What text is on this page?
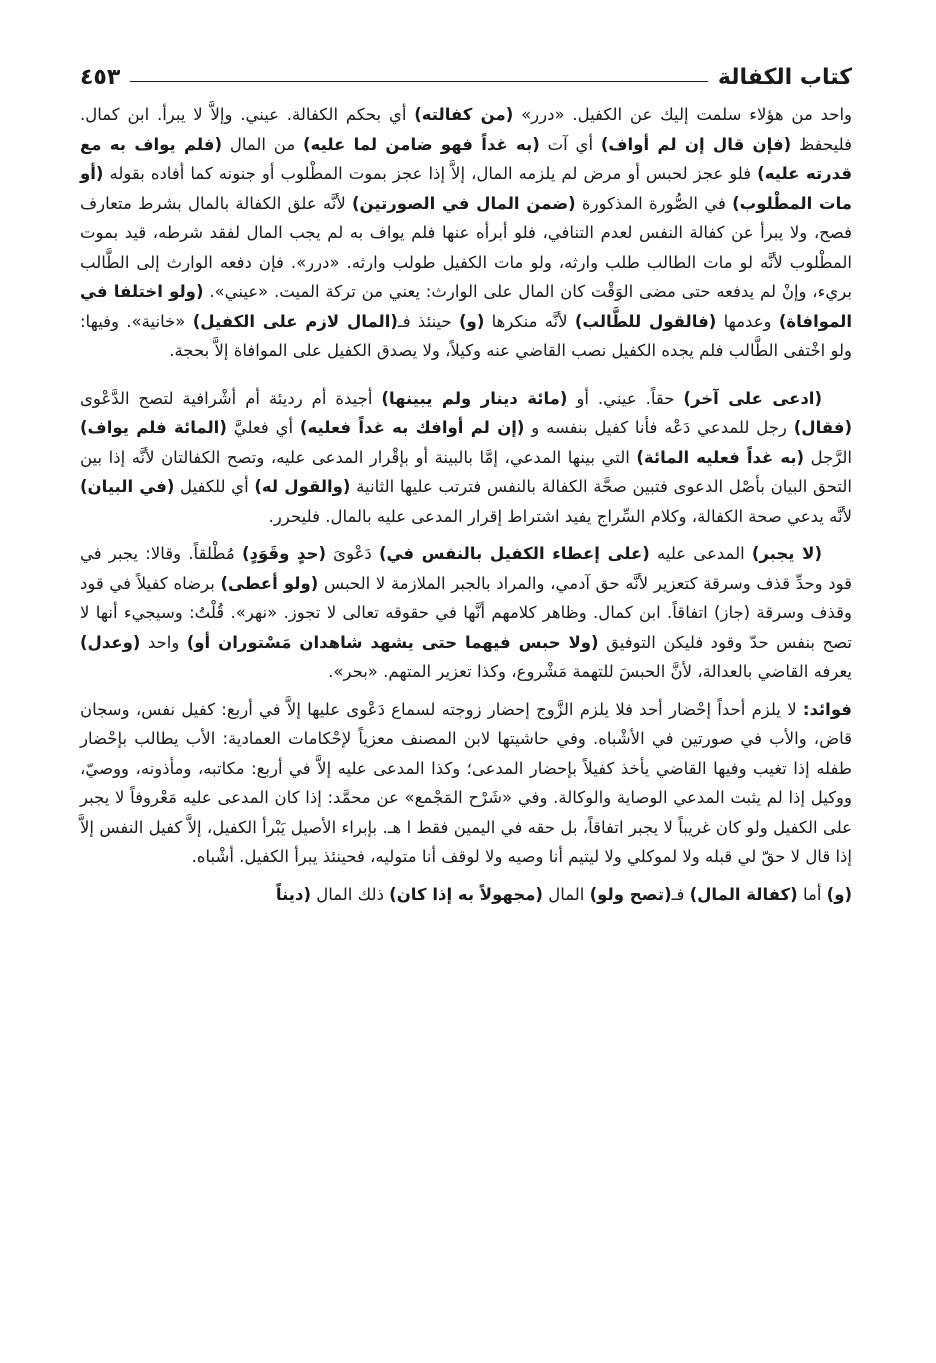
كتاب الكفالة
٤٥٣

واحد من هؤلاء سلمت إليك عن الكفيل. «درر» (من كفالته) أي بحكم الكفالة. عيني. وإلاَّ لا يبرأ. ابن كمال. فليحفظ (فإن قال إن لم أواف) أي آت (به غداً فهو ضامن لما عليه) من المال (فلم يواف به مع قدرته عليه) فلو عجز لحبس أو مرض لم يلزمه المال، إلاَّ إذا عجز بموت المطْلوب أو جنونه كما أفاده بقوله (أو مات المطْلوب) في الصُّورة المذكورة (ضمن المال في الصورتين) لأنَّه علق الكفالة بالمال بشرط متعارف فصح، ولا يبرأ عن كفالة النفس لعدم التنافي، فلو أبرأه عنها فلم يواف به لم يجب المال لفقد شرطه، قيد بموت المطْلوب لأنَّه لو مات الطالب طلب وارثه، ولو مات الكفيل طولب وارثه. «درر». فإن دفعه الوارث إلى الطَّالب بريء، وإنْ لم يدفعه حتى مضى الوَقْت كان المال على الوارث: يعني من تركة الميت. «عيني». (ولو اختلفا في الموافاة) وعدمها (فالقول للطَّالب) لأنَّه منكرها (و) حينئذ فـ(المال لازم على الكفيل) «خانية». وفيها: ولو اخْتفى الطَّالب فلم يجده الكفيل نصب القاضي عنه وكيلاً، ولا يصدق الكفيل على الموافاة إلاَّ بحجة.

(ادعى على آخر) حقاً. عيني. أو (مائة دينار ولم يبينها) أجيدة أم رديئة أم أشْرافية لتصح الدَّعْوى (فقال) رجل للمدعي دَعْه فأنا كفيل بنفسه و (إن لم أوافك به غداً فعليه) أي فعليَّ (المائة فلم يواف) الرَّجل (به غداً فعليه المائة) التي بينها المدعي، إمَّا بالبينة أو بإقْرار المدعى عليه، وتصح الكفالتان لأنَّه إذا بين التحق البيان بأصْل الدعوى فتبين صحَّة الكفالة بالنفس فترتب عليها الثانية (والقول له) أي للكفيل (في البيان) لأنَّه يدعي صحة الكفالة، وكلام السِّراج يفيد اشتراط إقرار المدعى عليه بالمال. فليحرر.

(لا يجبر) المدعى عليه (على إعطاء الكفيل بالنفس في) دَعْوىَ (حدٍ وقَوَدٍ) مُطْلقاً. وقالا: يجبر في قود وحدِّ قذف وسرقة كتعزير لأنَّه حق آدمي، والمراد بالجبر الملازمة لا الحبس (ولو أعطى) برضاه كفيلاً في قود وقذف وسرقة (جاز) اتفاقاً. ابن كمال. وظاهر كلامهم أنَّها في حقوقه تعالى لا تجوز. «نهر». قُلْتُ: وسيجيء أنها لا تصح بنفس حدّ وقود فليكن التوفيق (ولا حبس فيهما حتى يشهد شاهدان مَسْتوران أو) واحد (وعدل) يعرفه القاضي بالعدالة، لأنَّ الحبسَ للتهمة مَشْروع، وكذا تعزير المتهم. «بحر».

فوائد: لا يلزم أحداً إحْضار أحد فلا يلزم الزَّوج إحضار زوجته لسماع دَعْوى عليها إلاَّ في أربع: كفيل نفس، وسجان قاض، والأب في صورتين في الأشْباه. وفي حاشيتها لابن المصنف معزياً لإحْكامات العمادية: الأب يطالب بإحْضار طفله إذا تغيب وفيها القاضي يأخذ كفيلاً بإحضار المدعى؛ وكذا المدعى عليه إلاَّ في أربع: مكاتبه، ومأذونه، ووصيّ، ووكيل إذا لم يثبت المدعي الوصاية والوكالة. وفي «شَرْح المَجْمع» عن محمَّد: إذا كان المدعى عليه مَعْروفاً لا يجبر على الكفيل ولو كان غريباً لا يجبر اتفاقاً، بل حقه في اليمين فقط ا هـ. بإبراء الأصيل يَبْرأ الكفيل، إلاَّ كفيل النفس إلاَّ إذا قال لا حقّ لي قبله ولا لموكلي ولا ليتيم أنا وصيه ولا لوقف أنا متوليه، فحينئذ يبرأ الكفيل. أشْباه.

(و) أما (كفالة المال) فـ(تصح ولو) المال (مجهولاً به إذا كان) ذلك المال (ديناً
